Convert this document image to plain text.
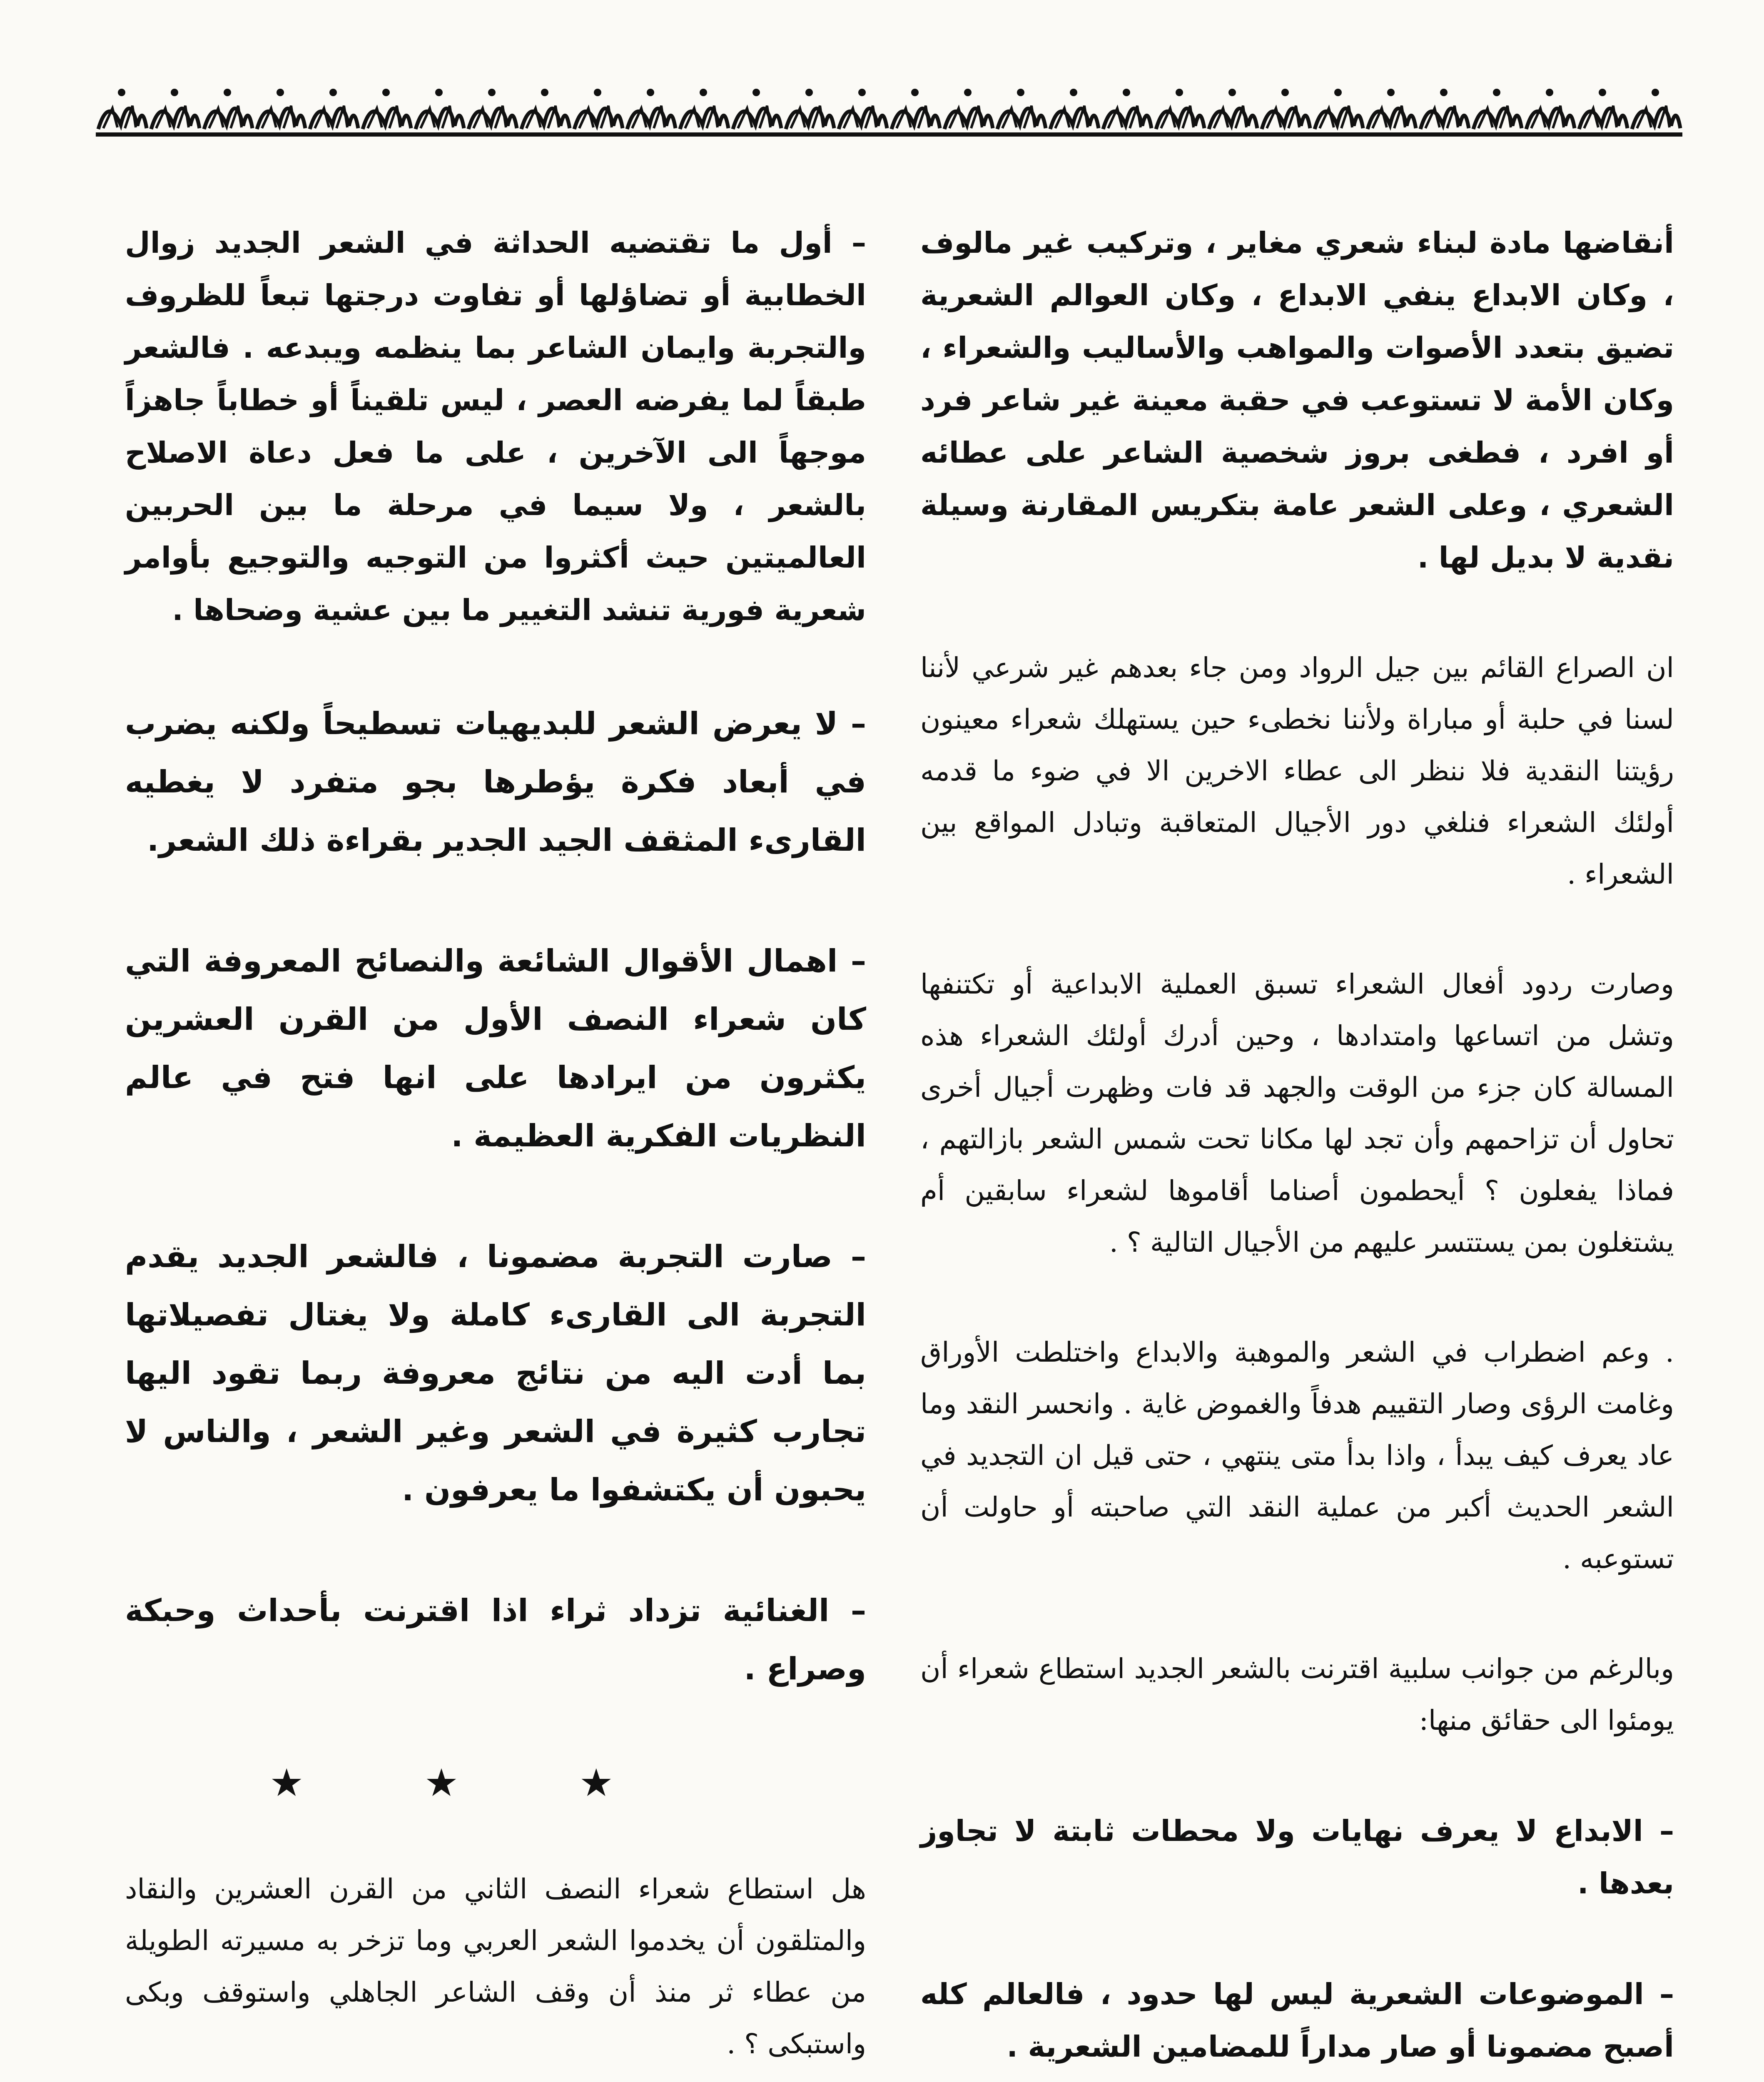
أنقاضها مادة لبناء شعري مغاير ، وتركيب غير مالوف ، وكان الابداع ينفي الابداع ، وكان العوالم الشعرية تضيق بتعدد الأصوات والمواهب والأساليب والشعراء ، وكان الأمة لا تستوعب في حقبة معينة غير شاعر فرد أو افرد ، فطغى بروز شخصية الشاعر على عطائه الشعري ، وعلى الشعر عامة بتكريس المقارنة وسيلة نقدية لا بديل لها .

ان الصراع القائم بين جيل الرواد ومن جاء بعدهم غير شرعي لأننا لسنا في حلبة أو مباراة ولأننا نخطىء حين يستهلك شعراء معينون رؤيتنا النقدية فلا ننظر الى عطاء الاخرين الا في ضوء ما قدمه أولئك الشعراء فنلغي دور الأجيال المتعاقبة وتبادل المواقع بين الشعراء .

وصارت ردود أفعال الشعراء تسبق العملية الابداعية أو تكتنفها وتشل من اتساعها وامتدادها ، وحين أدرك أولئك الشعراء هذه المسالة كان جزء من الوقت والجهد قد فات وظهرت أجيال أخرى تحاول أن تزاحمهم وأن تجد لها مكانا تحت شمس الشعر بازالتهم ، فماذا يفعلون ؟ أيحطمون أصناما أقاموها لشعراء سابقين أم يشتغلون بمن يستتسر عليهم من الأجيال التالية ؟ .

. وعم اضطراب في الشعر والموهبة والابداع واختلطت الأوراق وغامت الرؤى وصار التقييم هدفاً والغموض غاية . وانحسر النقد وما عاد يعرف كيف يبدأ ، واذا بدأ متى ينتهي ، حتى قيل ان التجديد في الشعر الحديث أكبر من عملية النقد التي صاحبته أو حاولت أن تستوعبه .

وبالرغم من جوانب سلبية اقترنت بالشعر الجديد استطاع شعراء أن يومئوا الى حقائق منها:

– الابداع لا يعرف نهايات ولا محطات ثابتة لا تجاوز بعدها .

– الموضوعات الشعرية ليس لها حدود ، فالعالم كله أصبح مضمونا أو صار مداراً للمضامين الشعرية .

– أول ما تقتضيه الحداثة في الشعر الجديد زوال الخطابية أو تضاؤلها أو تفاوت درجتها تبعاً للظروف والتجربة وايمان الشاعر بما ينظمه ويبدعه . فالشعر طبقاً لما يفرضه العصر ، ليس تلقيناً أو خطاباً جاهزاً موجهاً الى الآخرين ، على ما فعل دعاة الاصلاح بالشعر ، ولا سيما في مرحلة ما بين الحربين العالميتين حيث أكثروا من التوجيه والتوجيع بأوامر شعرية فورية تنشد التغيير ما بين عشية وضحاها .

– لا يعرض الشعر للبديهيات تسطيحاً ولكنه يضرب في أبعاد فكرة يؤطرها بجو متفرد لا يغطيه القارىء المثقف الجيد الجدير بقراءة ذلك الشعر.

– اهمال الأقوال الشائعة والنصائح المعروفة التي كان شعراء النصف الأول من القرن العشرين يكثرون من ايرادها على انها فتح في عالم النظريات الفكرية العظيمة .

– صارت التجربة مضمونا ، فالشعر الجديد يقدم التجربة الى القارىء كاملة ولا يغتال تفصيلاتها بما أدت اليه من نتائج معروفة ربما تقود اليها تجارب كثيرة في الشعر وغير الشعر ، والناس لا يحبون أن يكتشفوا ما يعرفون .

– الغنائية تزداد ثراء اذا اقترنت بأحداث وحبكة وصراع .

★ ★ ★

هل استطاع شعراء النصف الثاني من القرن العشرين والنقاد والمتلقون أن يخدموا الشعر العربي وما تزخر به مسيرته الطويلة من عطاء ثر منذ أن وقف الشاعر الجاهلي واستوقف وبكى واستبكى ؟ .
